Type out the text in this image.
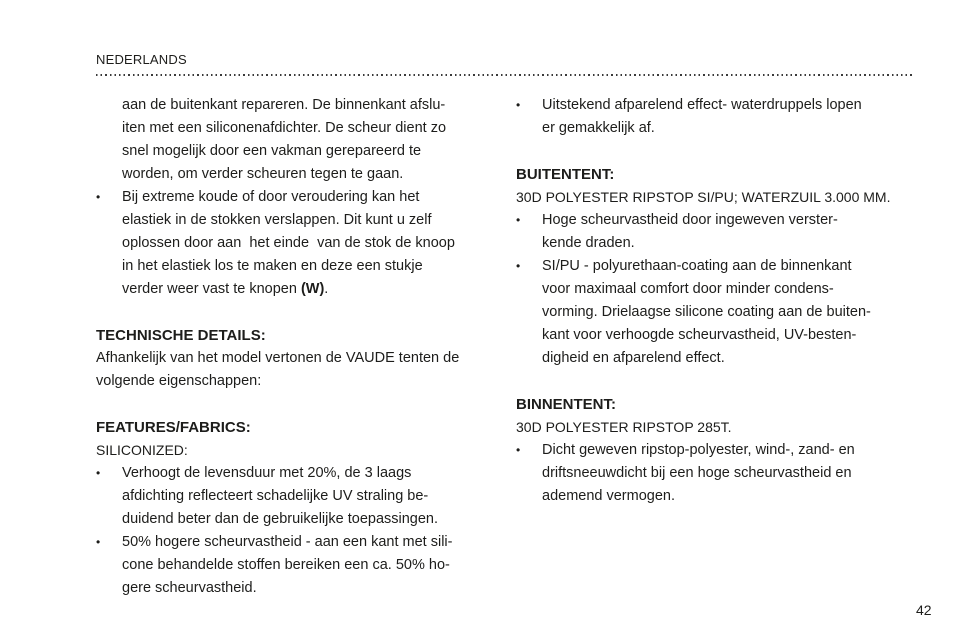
NEDERLANDS
aan de buitenkant repareren. De binnenkant afslu-
iten met een siliconenafdichter. De scheur dient zo
snel mogelijk door een vakman gerepareerd te
worden, om verder scheuren tegen te gaan.
• Bij extreme koude of door veroudering kan het
elastiek in de stokken verslappen. Dit kunt u zelf
oplossen door aan  het einde  van de stok de knoop
in het elastiek los te maken en deze een stukje
verder weer vast te knopen (W).
TECHNISCHE DETAILS:
Afhankelijk van het model vertonen de VAUDE tenten de
volgende eigenschappen:
FEATURES/FABRICS:
SILICONIZED:
• Verhoogt de levensduur met 20%, de 3 laags
afdichting reflecteert schadelijke UV straling be-
duidend beter dan de gebruikelijke toepassingen.
• 50% hogere scheurvastheid - aan een kant met sili-
cone behandelde stoffen bereiken een ca. 50% ho-
gere scheurvastheid.
• Uitstekend afparelend effect- waterdruppels lopen
er gemakkelijk af.
BUITENTENT:
30D POLYESTER RIPSTOP SI/PU; WATERZUIL 3.000 MM.
• Hoge scheurvastheid door ingeweven verster-
kende draden.
• SI/PU - polyurethaan-coating aan de binnenkant
voor maximaal comfort door minder condens-
vorming. Drielaagse silicone coating aan de buiten-
kant voor verhoogde scheurvastheid, UV-besten-
digheid en afparelend effect.
BINNENTENT:
30D POLYESTER RIPSTOP 285T.
• Dicht geweven ripstop-polyester, wind-, zand- en
driftsneeuwdicht bij een hoge scheurvastheid en
ademend vermogen.
42
